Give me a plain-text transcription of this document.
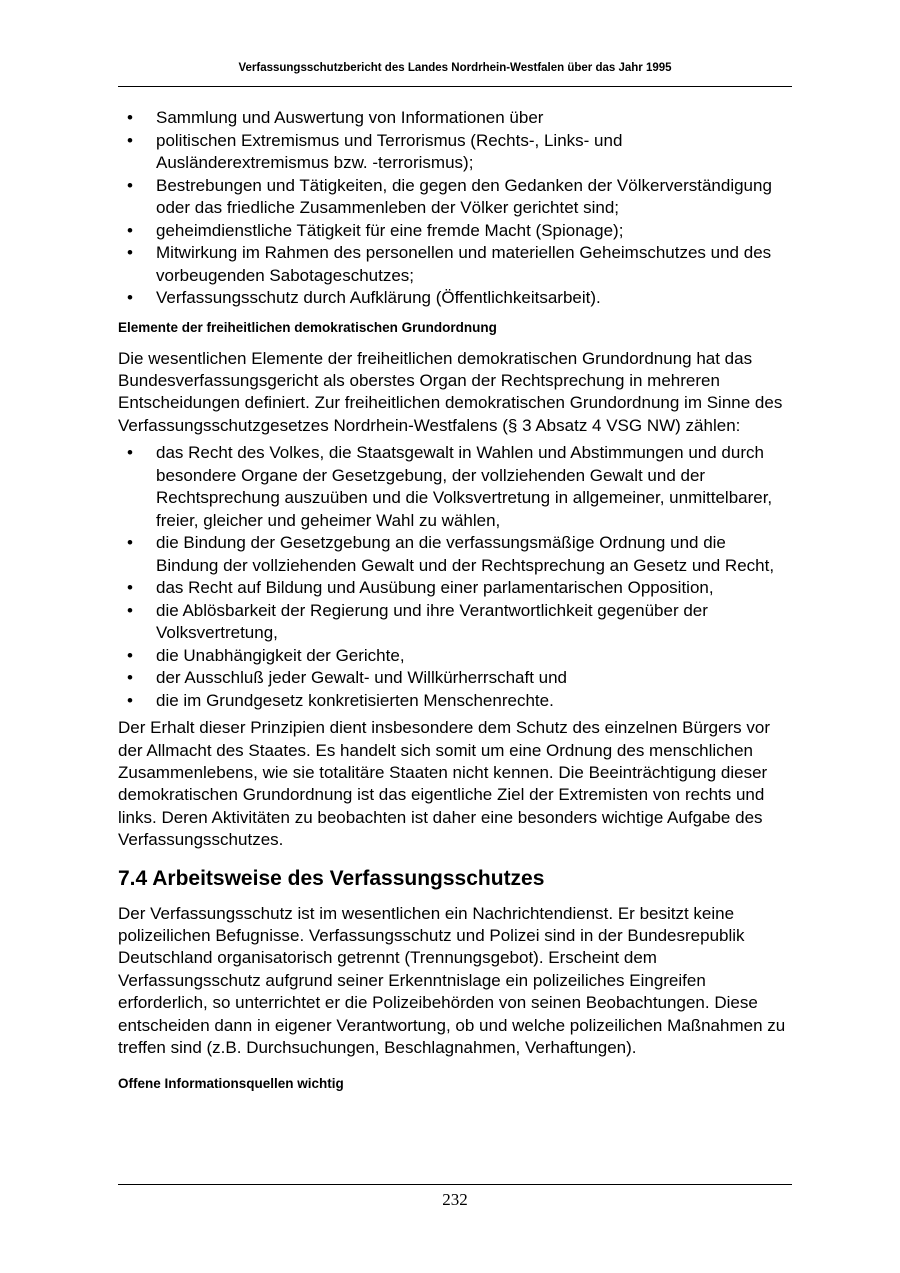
Verfassungsschutzbericht des Landes Nordrhein-Westfalen über das Jahr 1995
• Sammlung und Auswertung von Informationen über
• politischen Extremismus und Terrorismus (Rechts-, Links- und Ausländerextremismus bzw. -terrorismus);
• Bestrebungen und Tätigkeiten, die gegen den Gedanken der Völkerverständigung oder das friedliche Zusammenleben der Völker gerichtet sind;
• geheimdienstliche Tätigkeit für eine fremde Macht (Spionage);
• Mitwirkung im Rahmen des personellen und materiellen Geheimschutzes und des vorbeugenden Sabotageschutzes;
• Verfassungsschutz durch Aufklärung (Öffentlichkeitsarbeit).

Elemente der freiheitlichen demokratischen Grundordnung

Die wesentlichen Elemente der freiheitlichen demokratischen Grundordnung hat das Bundesverfassungsgericht als oberstes Organ der Rechtsprechung in mehreren Entscheidungen definiert. Zur freiheitlichen demokratischen Grundordnung im Sinne des Verfassungsschutzgesetzes Nordrhein-Westfalens (§ 3 Absatz 4 VSG NW) zählen:

• das Recht des Volkes, die Staatsgewalt in Wahlen und Abstimmungen und durch besondere Organe der Gesetzgebung, der vollziehenden Gewalt und der Rechtsprechung auszuüben und die Volksvertretung in allgemeiner, unmittelbarer, freier, gleicher und geheimer Wahl zu wählen,
• die Bindung der Gesetzgebung an die verfassungsmäßige Ordnung und die Bindung der vollziehenden Gewalt und der Rechtsprechung an Gesetz und Recht,
• das Recht auf Bildung und Ausübung einer parlamentarischen Opposition,
• die Ablösbarkeit der Regierung und ihre Verantwortlichkeit gegenüber der Volksvertretung,
• die Unabhängigkeit der Gerichte,
• der Ausschluß jeder Gewalt- und Willkürherrschaft und
• die im Grundgesetz konkretisierten Menschenrechte.

Der Erhalt dieser Prinzipien dient insbesondere dem Schutz des einzelnen Bürgers vor der Allmacht des Staates. Es handelt sich somit um eine Ordnung des menschlichen Zusammenlebens, wie sie totalitäre Staaten nicht kennen. Die Beeinträchtigung dieser demokratischen Grundordnung ist das eigentliche Ziel der Extremisten von rechts und links. Deren Aktivitäten zu beobachten ist daher eine besonders wichtige Aufgabe des Verfassungsschutzes.

7.4 Arbeitsweise des Verfassungsschutzes

Der Verfassungsschutz ist im wesentlichen ein Nachrichtendienst. Er besitzt keine polizeilichen Befugnisse. Verfassungsschutz und Polizei sind in der Bundesrepublik Deutschland organisatorisch getrennt (Trennungsgebot). Erscheint dem Verfassungsschutz aufgrund seiner Erkenntnislage ein polizeiliches Eingreifen erforderlich, so unterrichtet er die Polizeibehörden von seinen Beobachtungen. Diese entscheiden dann in eigener Verantwortung, ob und welche polizeilichen Maßnahmen zu treffen sind (z.B. Durchsuchungen, Beschlagnahmen, Verhaftungen).

Offene Informationsquellen wichtig

232
